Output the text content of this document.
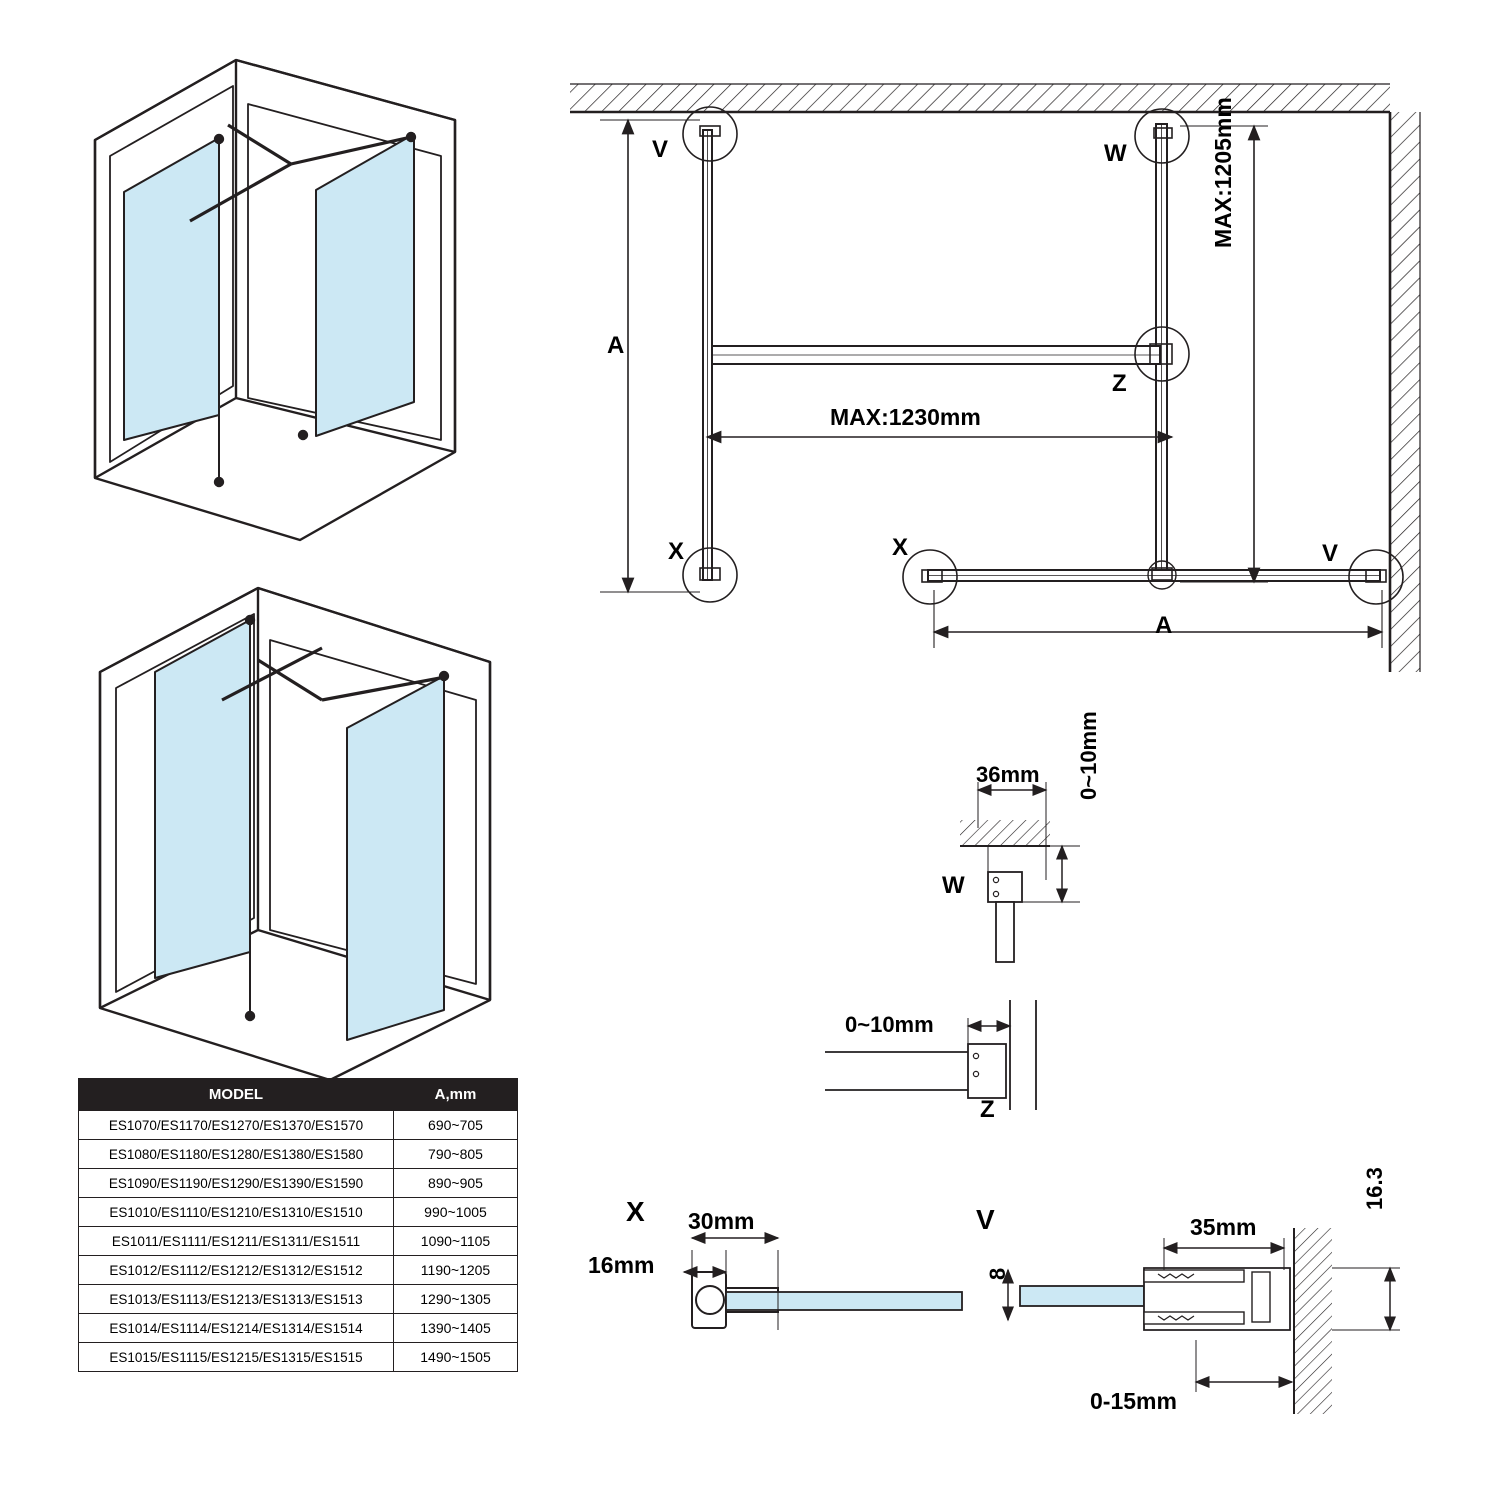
V	W
Z
X	X	V
A
A
MAX:1230mm
MAX:1205mm
36mm 0~10mm
W
0~10mm
Z
X 30mm
16mm
V	35mm
16.3
8
0-15mm
MODEL	A,mm
ES1070/ES1170/ES1270/ES1370/ES1570	690~705
ES1080/ES1180/ES1280/ES1380/ES1580	790~805
ES1090/ES1190/ES1290/ES1390/ES1590	890~905
ES1010/ES1110/ES1210/ES1310/ES1510	990~1005
ES1011/ES1111/ES1211/ES1311/ES1511	1090~1105
ES1012/ES1112/ES1212/ES1312/ES1512	1190~1205
ES1013/ES1113/ES1213/ES1313/ES1513	1290~1305
ES1014/ES1114/ES1214/ES1314/ES1514	1390~1405
ES1015/ES1115/ES1215/ES1315/ES1515	1490~1505
